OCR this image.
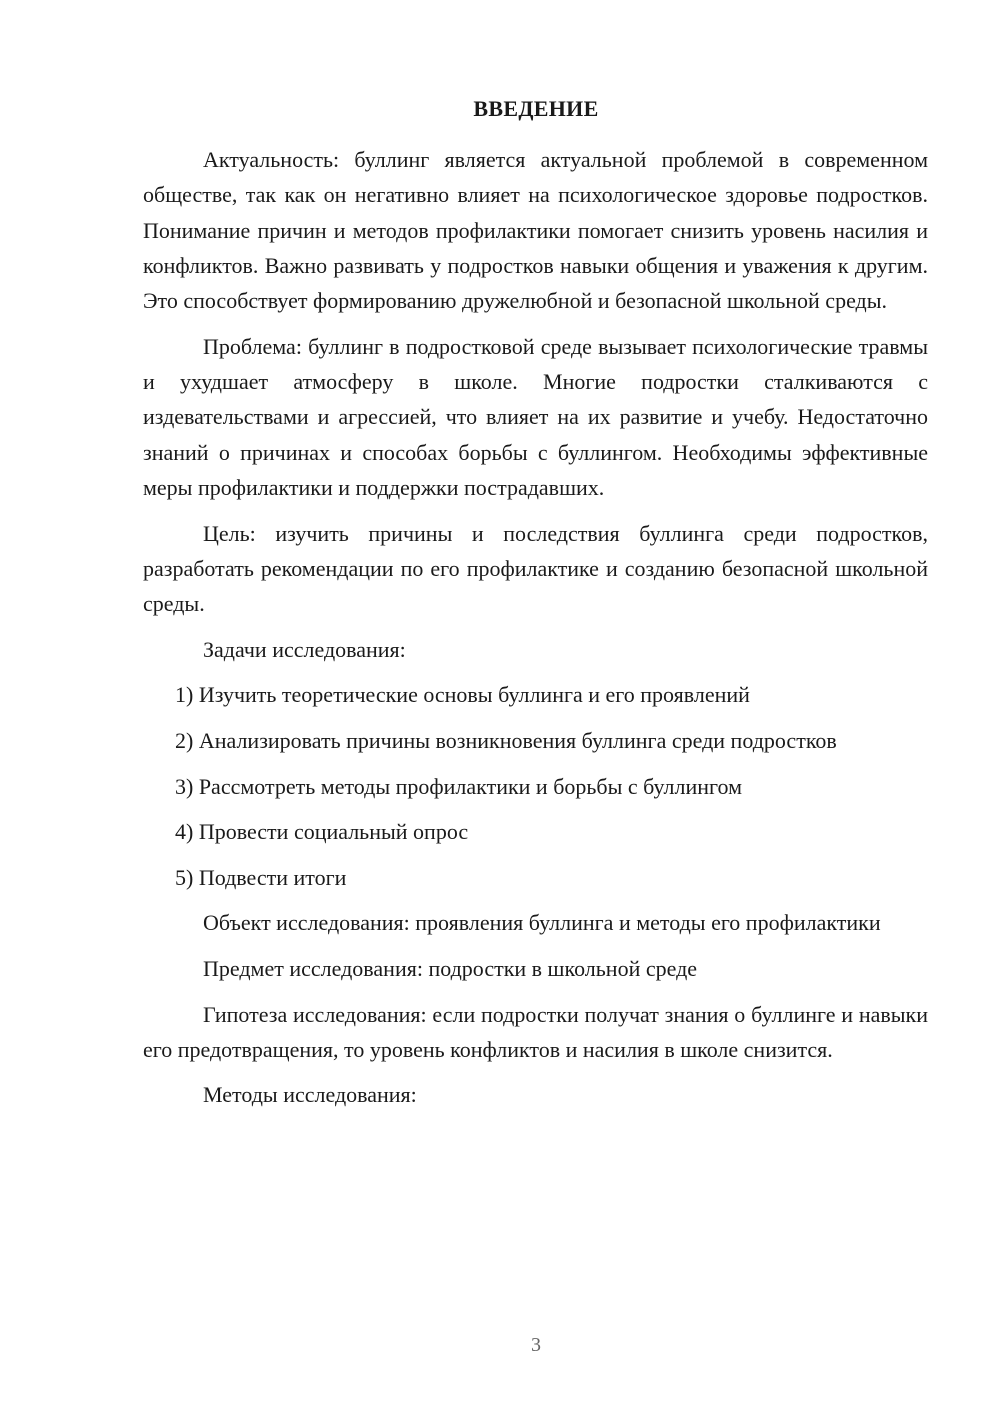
ВВЕДЕНИЕ

Актуальность: буллинг является актуальной проблемой в современном обществе, так как он негативно влияет на психологическое здоровье подростков. Понимание причин и методов профилактики помогает снизить уровень насилия и конфликтов. Важно развивать у подростков навыки общения и уважения к другим. Это способствует формированию дружелюбной и безопасной школьной среды.

Проблема: буллинг в подростковой среде вызывает психологические травмы и ухудшает атмосферу в школе. Многие подростки сталкиваются с издевательствами и агрессией, что влияет на их развитие и учебу. Недостаточно знаний о причинах и способах борьбы с буллингом. Необходимы эффективные меры профилактики и поддержки пострадавших.

Цель: изучить причины и последствия буллинга среди подростков, разработать рекомендации по его профилактике и созданию безопасной школьной среды.

Задачи исследования:

1) Изучить теоретические основы буллинга и его проявлений

2) Анализировать причины возникновения буллинга среди подростков

3) Рассмотреть методы профилактики и борьбы с буллингом

4) Провести социальный опрос

5) Подвести итоги

Объект исследования: проявления буллинга и методы его профилактики

Предмет исследования: подростки в школьной среде

Гипотеза исследования: если подростки получат знания о буллинге и навыки его предотвращения, то уровень конфликтов и насилия в школе снизится.

Методы исследования:

3
